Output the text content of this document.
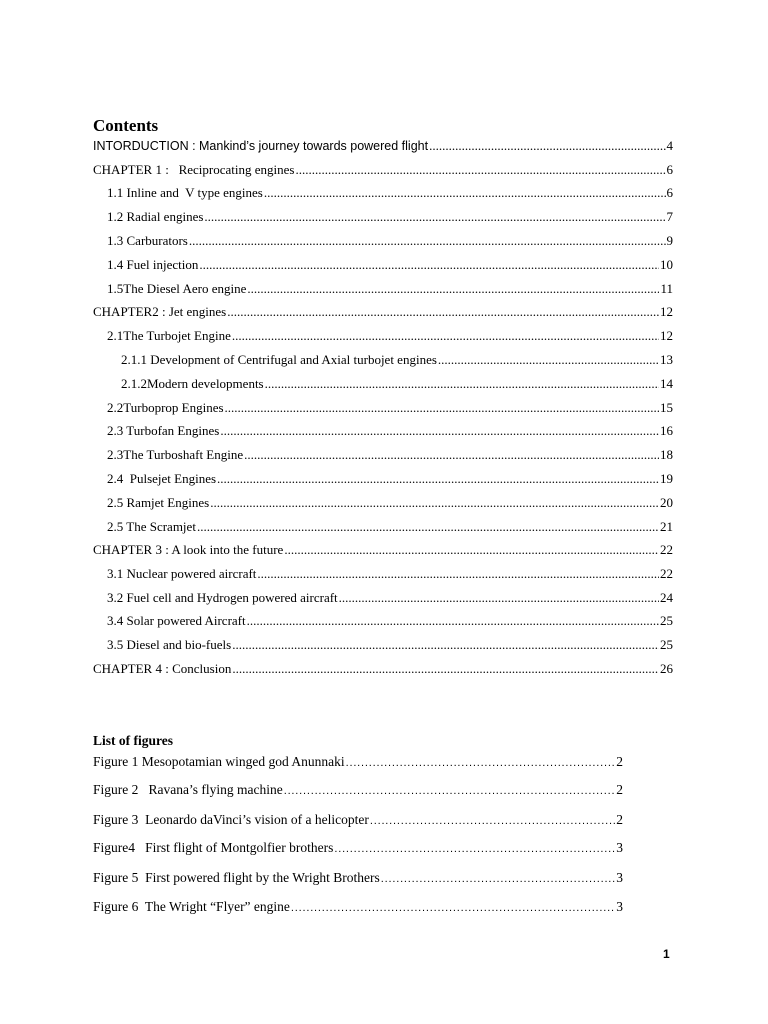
Contents
INTORDUCTION : Mankind’s journey towards powered flight .....	4
CHAPTER 1 :   Reciprocating engines .....	6
1.1 Inline and  V type engines .....	6
1.2 Radial engines .....	7
1.3 Carburators .....	9
1.4 Fuel injection .....	10
1.5The Diesel Aero engine .....	11
CHAPTER2 : Jet engines .....	12
2.1The Turbojet Engine .....	12
2.1.1 Development of Centrifugal and Axial turbojet engines .....	13
2.1.2Modern developments .....	14
2.2Turboprop Engines .....	15
2.3 Turbofan Engines .....	16
2.3The Turboshaft Engine .....	18
2.4  Pulsejet Engines .....	19
2.5 Ramjet Engines .....	20
2.5 The Scramjet .....	21
CHAPTER 3 : A look into the future .....	22
3.1 Nuclear powered aircraft .....	22
3.2 Fuel cell and Hydrogen powered aircraft .....	24
3.4 Solar powered Aircraft .....	25
3.5 Diesel and bio-fuels .....	25
CHAPTER 4 : Conclusion .....	26
List of figures
Figure 1 Mesopotamian winged god Anunnaki .....	2
Figure 2   Ravana’s flying machine .....	2
Figure 3  Leonardo daVinci’s vision of a helicopter .....	2
Figure4   First flight of Montgolfier brothers .....	3
Figure 5  First powered flight by the Wright Brothers .....	3
Figure 6  The Wright “Flyer” engine .....	3
1
